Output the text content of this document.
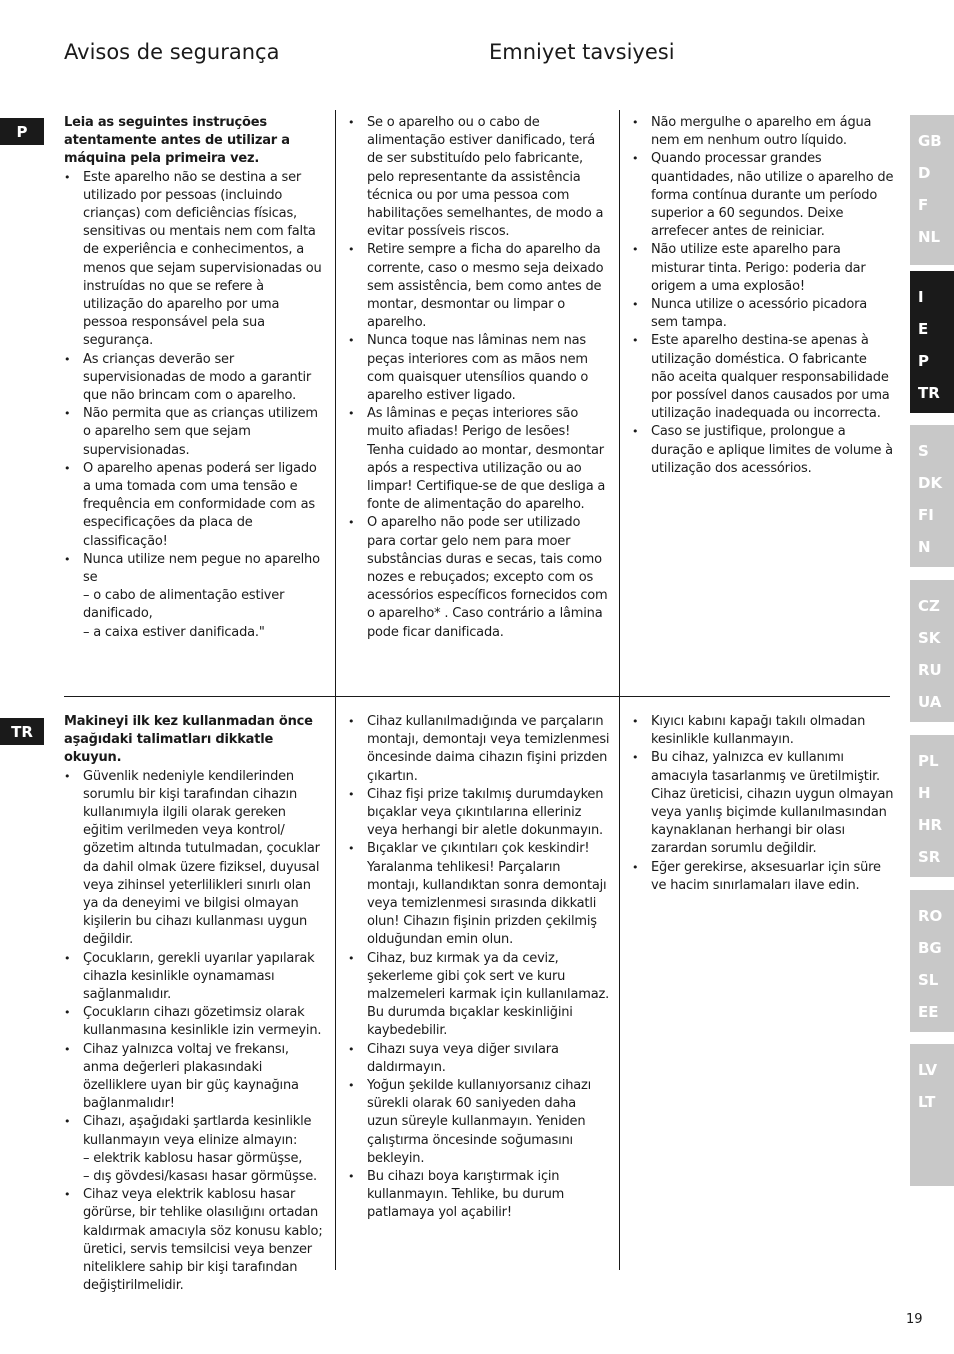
Avisos de segurança	Emniyet tavsiyesi
P	Leia as seguintes instruções atentamente antes de utilizar a máquina pela primeira vez.

• Este aparelho não se destina a ser utilizado por pessoas (incluindo crianças) com deficiências físicas, sensitivas ou mentais nem com falta de experiência e conhecimentos, a menos que sejam supervisionadas ou instruídas no que se refere à utilização do aparelho por uma pessoa responsável pela sua segurança.
• As crianças deverão ser supervisionadas de modo a garantir que não brincam com o aparelho.
• Não permita que as crianças utilizem o aparelho sem que sejam supervisionadas.
• O aparelho apenas poderá ser ligado a uma tomada com uma tensão e frequência em conformidade com as especificações da placa de classificação!
• Nunca utilize nem pegue no aparelho se
– o cabo de alimentação estiver danificado,
– a caixa estiver danificada."
• Se o aparelho ou o cabo de alimentação estiver danificado, terá de ser substituído pelo fabricante, pelo representante da assistência técnica ou por uma pessoa com habilitações semelhantes, de modo a evitar possíveis riscos.
• Retire sempre a ficha do aparelho da corrente, caso o mesmo seja deixado sem assistência, bem como antes de montar, desmontar ou limpar o aparelho.
• Nunca toque nas lâminas nem nas peças interiores com as mãos nem com quaisquer utensílios quando o aparelho estiver ligado.
• As lâminas e peças interiores são muito afiadas! Perigo de lesões! Tenha cuidado ao montar, desmontar após a respectiva utilização ou ao limpar! Certifique-se de que desliga a fonte de alimentação do aparelho.
• O aparelho não pode ser utilizado para cortar gelo nem para moer substâncias duras e secas, tais como nozes e rebuçados; excepto com os acessórios específicos fornecidos com o aparelho* . Caso contrário a lâmina pode ficar danificada.
• Não mergulhe o aparelho em água nem em nenhum outro líquido.
• Quando processar grandes quantidades, não utilize o aparelho de forma contínua durante um período superior a 60 segundos. Deixe arrefecer antes de reiniciar.
• Não utilize este aparelho para misturar tinta. Perigo: poderia dar origem a uma explosão!
• Nunca utilize o acessório picadora sem tampa.
• Este aparelho destina-se apenas à utilização doméstica. O fabricante não aceita qualquer responsabilidade por possível danos causados por uma utilização inadequada ou incorrecta.
• Caso se justifique, prolongue a duração e aplique limites de volume à utilização dos acessórios.
TR

Makineyi ilk kez kullanmadan önce aşağıdaki talimatları dikkatle okuyun.

• Güvenlik nedeniyle kendilerinden sorumlu bir kişi tarafından cihazın kullanımıyla ilgili olarak gereken eğitim verilmeden veya kontrol/ gözetim altında tutulmadan, çocuklar da dahil olmak üzere fiziksel, duyusal veya zihinsel yeterlilikleri sınırlı olan ya da deneyimi ve bilgisi olmayan kişilerin bu cihazı kullanması uygun değildir.
• Çocukların, gerekli uyarılar yapılarak cihazla kesinlikle oynamaması sağlanmalıdır.
• Çocukların cihazı gözetimsiz olarak kullanmasına kesinlikle izin vermeyin.
• Cihaz yalnızca voltaj ve frekansı, anma değerleri plakasındaki özelliklere uyan bir güç kaynağına bağlanmalıdır!
• Cihazı, aşağıdaki şartlarda kesinlikle kullanmayın veya elinize almayın:
– elektrik kablosu hasar görmüşse,
– dış gövdesi/kasası hasar görmüşse.
• Cihaz veya elektrik kablosu hasar görürse, bir tehlike olasılığını ortadan kaldırmak amacıyla söz konusu kablo; üretici, servis temsilcisi veya benzer niteliklere sahip bir kişi tarafından değiştirilmelidir.
• Cihaz kullanılmadığında ve parçaların montajı, demontajı veya temizlenmesi öncesinde daima cihazın fişini prizden çıkartın.
• Cihaz fişi prize takılmış durumdayken bıçaklar veya çıkıntılarına elleriniz veya herhangi bir aletle dokunmayın.
• Bıçaklar ve çıkıntıları çok keskindir! Yaralanma tehlikesi! Parçaların montajı, kullandıktan sonra demontajı veya temizlenmesi sırasında dikkatli olun! Cihazın fişinin prizden çekilmiş olduğundan emin olun.
• Cihaz, buz kırmak ya da ceviz, şekerleme gibi çok sert ve kuru malzemeleri karmak için kullanılamaz. Bu durumda bıçaklar keskinliğini kaybedebilir.
• Cihazı suya veya diğer sıvılara daldırmayın.
• Yoğun şekilde kullanıyorsanız cihazı sürekli olarak 60 saniyeden daha uzun süreyle kullanmayın. Yeniden çalıştırma öncesinde soğumasını bekleyin.
• Bu cihazı boya karıştırmak için kullanmayın. Tehlike, bu durum patlamaya yol açabilir!
• Kıyıcı kabını kapağı takılı olmadan kesinlikle kullanmayın.
• Bu cihaz, yalnızca ev kullanımı amacıyla tasarlanmış ve üretilmiştir. Cihaz üreticisi, cihazın uygun olmayan veya yanlış biçimde kullanılmasından kaynaklanan herhangi bir olası zarardan sorumlu değildir.
• Eğer gerekirse, aksesuarlar için süre ve hacim sınırlamaları ilave edin.
GB
D
F
NL
I
E
P
TR
S
DK
FI
N
CZ
SK
RU
UA
PL
H
HR
SR
RO
BG
SL
EE
LV
LT
19
